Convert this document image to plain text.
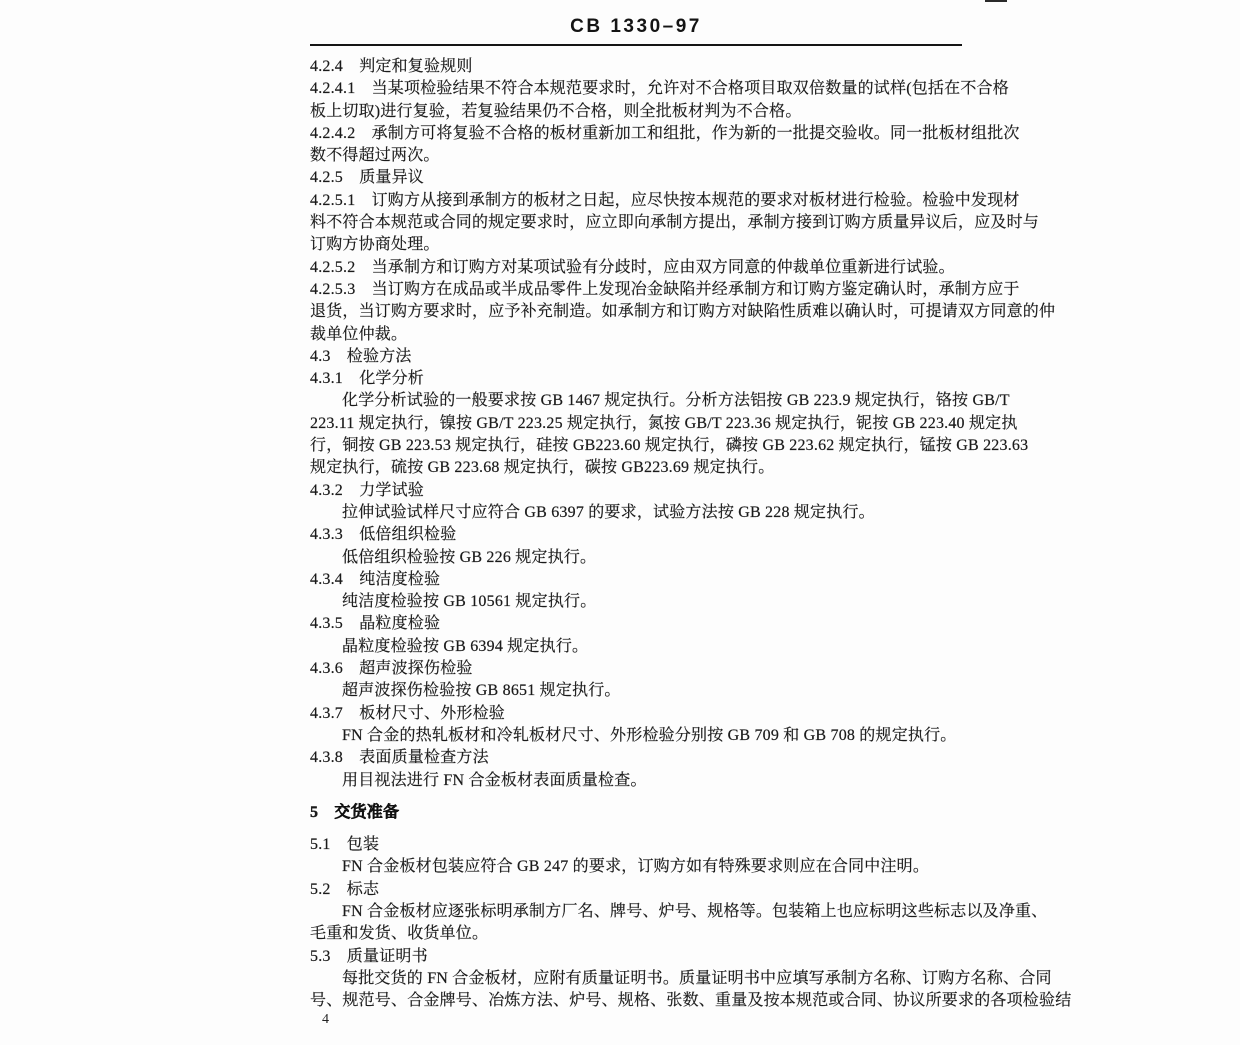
CB 1330–97
4.2.4　判定和复验规则
4.2.4.1　当某项检验结果不符合本规范要求时，允许对不合格项目取双倍数量的试样(包括在不合格
板上切取)进行复验，若复验结果仍不合格，则全批板材判为不合格。
4.2.4.2　承制方可将复验不合格的板材重新加工和组批，作为新的一批提交验收。同一批板材组批次
数不得超过两次。
4.2.5　质量异议
4.2.5.1　订购方从接到承制方的板材之日起，应尽快按本规范的要求对板材进行检验。检验中发现材
料不符合本规范或合同的规定要求时，应立即向承制方提出，承制方接到订购方质量异议后，应及时与
订购方协商处理。
4.2.5.2　当承制方和订购方对某项试验有分歧时，应由双方同意的仲裁单位重新进行试验。
4.2.5.3　当订购方在成品或半成品零件上发现冶金缺陷并经承制方和订购方鉴定确认时，承制方应于
退货，当订购方要求时，应予补充制造。如承制方和订购方对缺陷性质难以确认时，可提请双方同意的仲
裁单位仲裁。
4.3　检验方法
4.3.1　化学分析
化学分析试验的一般要求按 GB 1467 规定执行。分析方法铝按 GB 223.9 规定执行，铬按 GB/T
223.11 规定执行，镍按 GB/T 223.25 规定执行，氮按 GB/T 223.36 规定执行，铌按 GB 223.40 规定执
行，铜按 GB 223.53 规定执行，硅按 GB223.60 规定执行，磷按 GB 223.62 规定执行，锰按 GB 223.63
规定执行，硫按 GB 223.68 规定执行，碳按 GB223.69 规定执行。
4.3.2　力学试验
拉伸试验试样尺寸应符合 GB 6397 的要求，试验方法按 GB 228 规定执行。
4.3.3　低倍组织检验
低倍组织检验按 GB 226 规定执行。
4.3.4　纯洁度检验
纯洁度检验按 GB 10561 规定执行。
4.3.5　晶粒度检验
晶粒度检验按 GB 6394 规定执行。
4.3.6　超声波探伤检验
超声波探伤检验按 GB 8651 规定执行。
4.3.7　板材尺寸、外形检验
FN 合金的热轧板材和冷轧板材尺寸、外形检验分别按 GB 709 和 GB 708 的规定执行。
4.3.8　表面质量检查方法
用目视法进行 FN 合金板材表面质量检查。
5　交货准备
5.1　包装
FN 合金板材包装应符合 GB 247 的要求，订购方如有特殊要求则应在合同中注明。
5.2　标志
FN 合金板材应逐张标明承制方厂名、牌号、炉号、规格等。包装箱上也应标明这些标志以及净重、
毛重和发货、收货单位。
5.3　质量证明书
每批交货的 FN 合金板材，应附有质量证明书。质量证明书中应填写承制方名称、订购方名称、合同
号、规范号、合金牌号、冶炼方法、炉号、规格、张数、重量及按本规范或合同、协议所要求的各项检验结
4
